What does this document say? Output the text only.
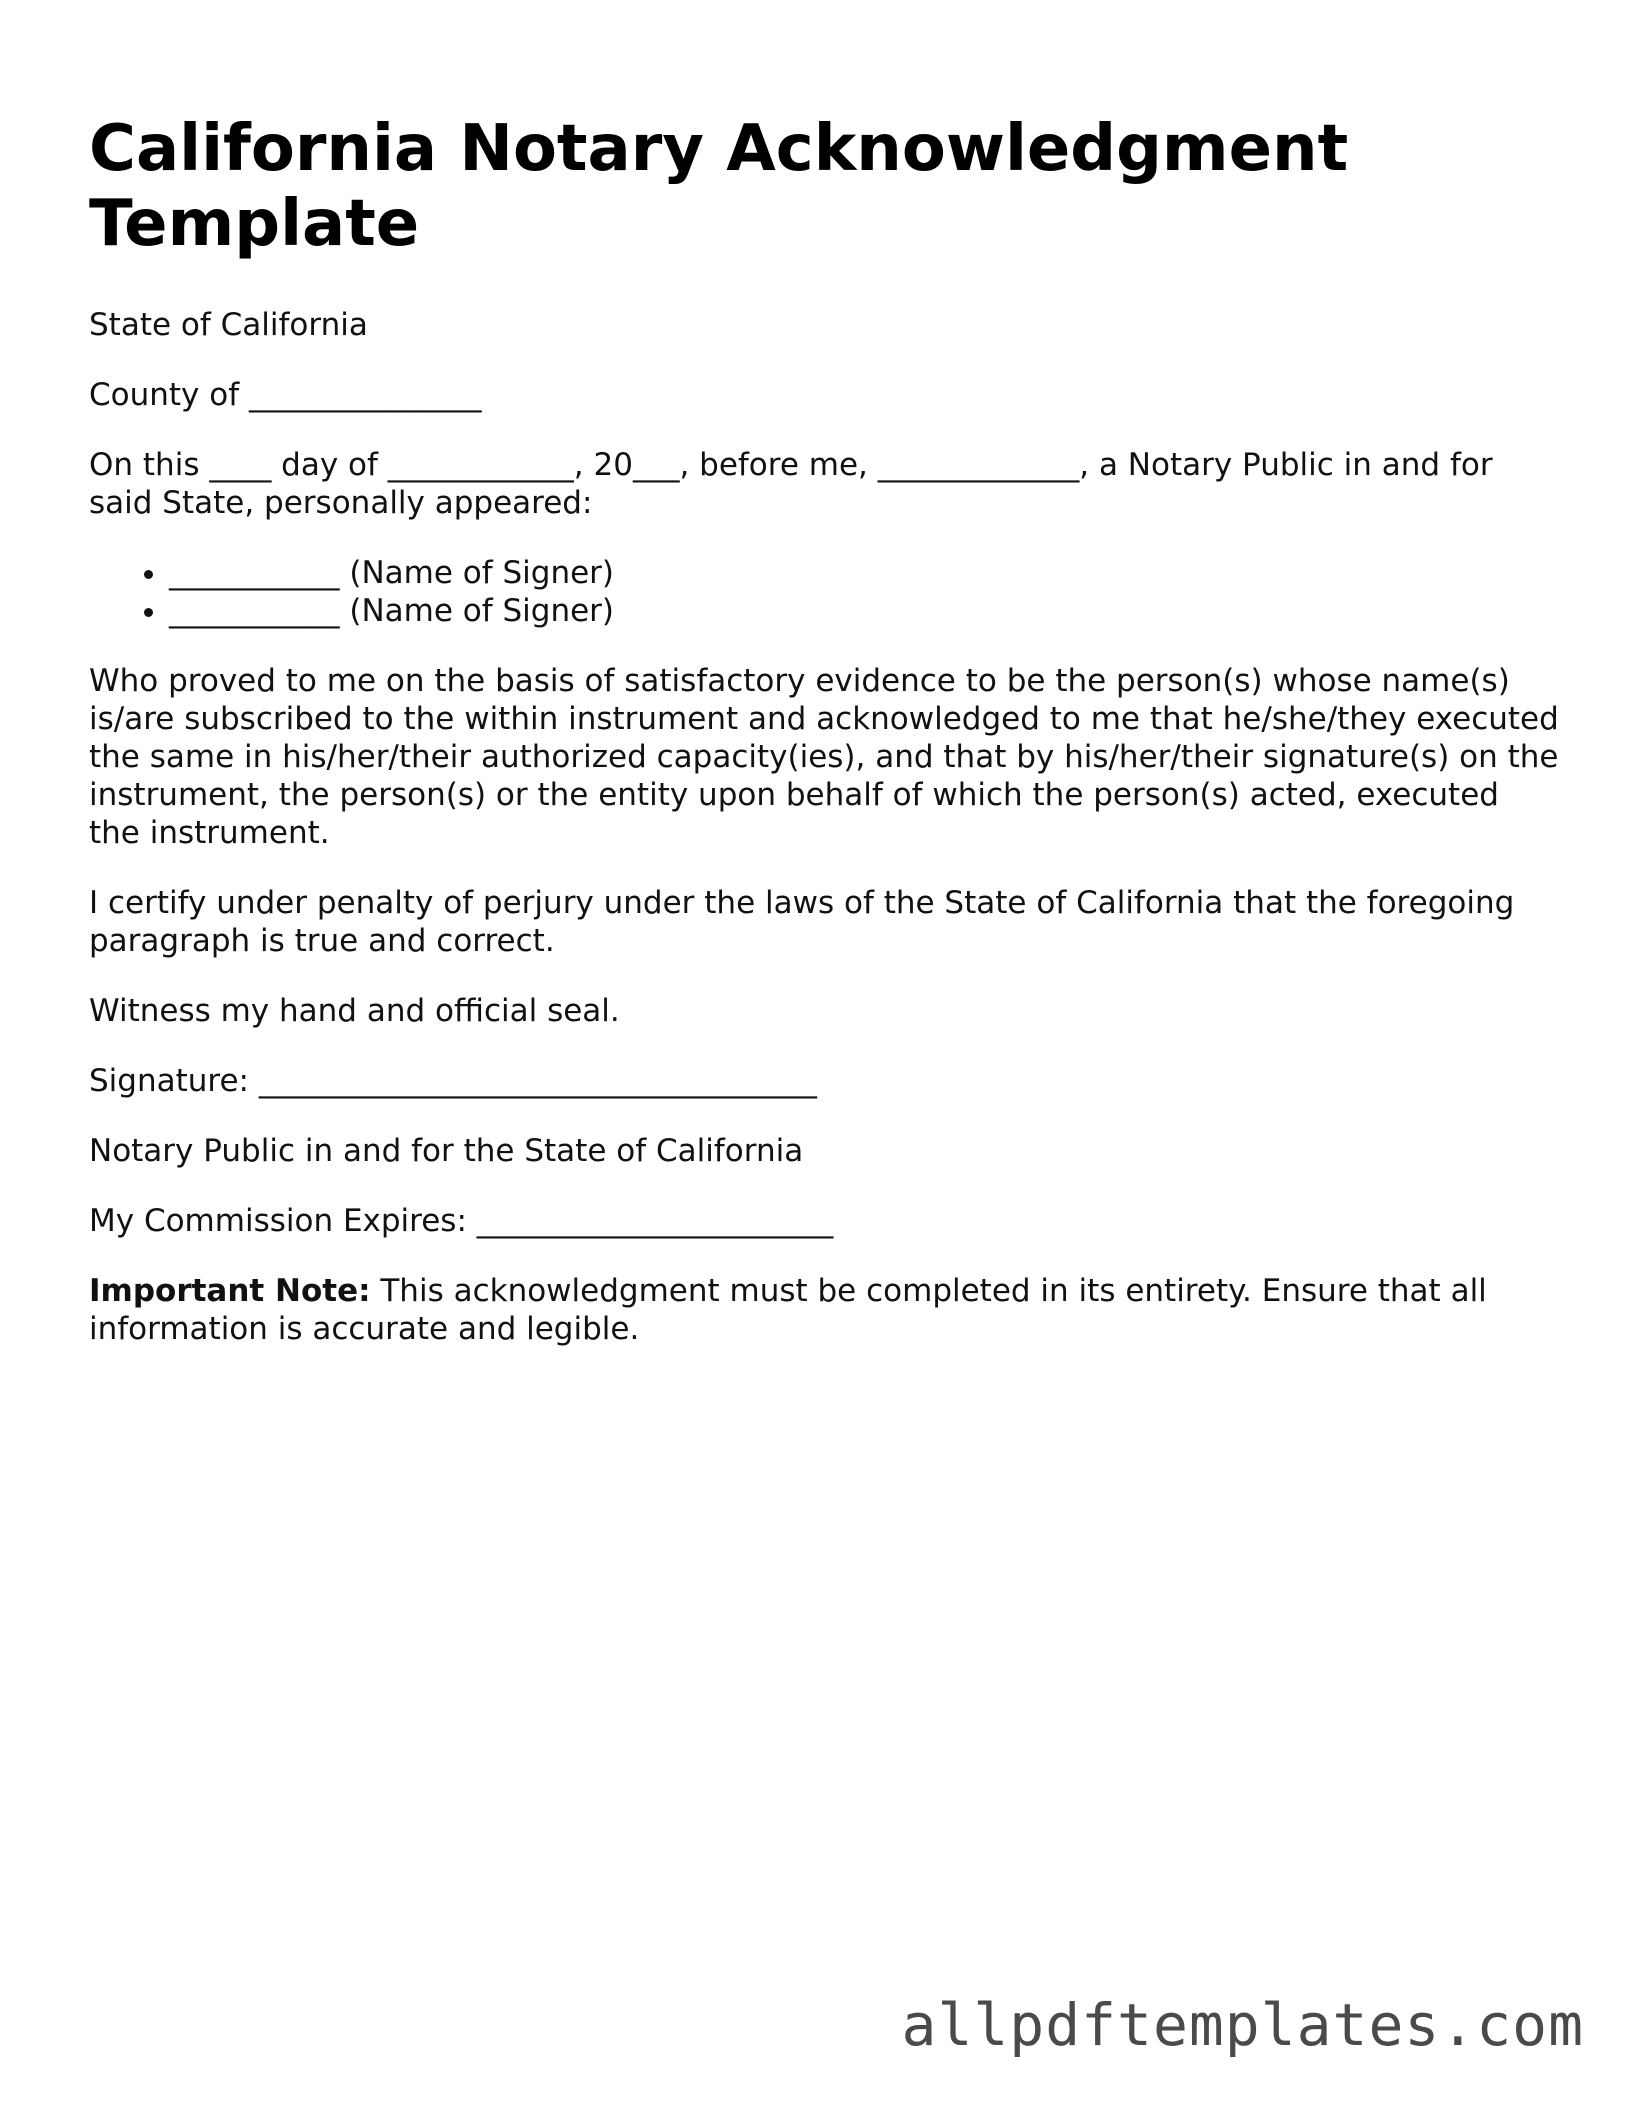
California Notary Acknowledgment Template

State of California

County of _______________

On this ____ day of ____________, 20___, before me, _____________, a Notary Public in and for said State, personally appeared:

• ___________ (Name of Signer)
• ___________ (Name of Signer)

Who proved to me on the basis of satisfactory evidence to be the person(s) whose name(s) is/are subscribed to the within instrument and acknowledged to me that he/she/they executed the same in his/her/their authorized capacity(ies), and that by his/her/their signature(s) on the instrument, the person(s) or the entity upon behalf of which the person(s) acted, executed the instrument.

I certify under penalty of perjury under the laws of the State of California that the foregoing paragraph is true and correct.

Witness my hand and official seal.

Signature: ____________________________________

Notary Public in and for the State of California

My Commission Expires: _______________________

Important Note: This acknowledgment must be completed in its entirety. Ensure that all information is accurate and legible.

allpdftemplates.com
